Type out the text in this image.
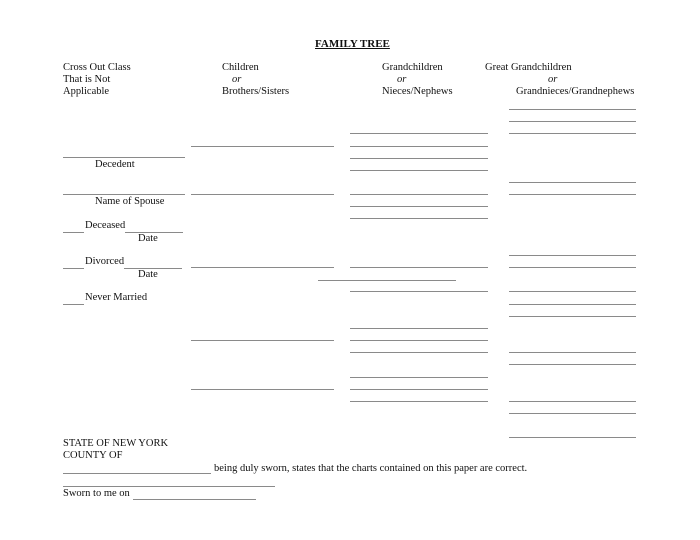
FAMILY TREE
Cross Out Class
That is Not
Applicable
Children
or
Brothers/Sisters
Grandchildren
or
Nieces/Nephews
Great Grandchildren
or
Grandnieces/Grandnephews
Decedent
Name of Spouse
Deceased
Date
Divorced
Date
Never Married
STATE OF NEW YORK
COUNTY OF
being duly sworn, states that the charts contained on this paper are correct.
Sworn to me on
